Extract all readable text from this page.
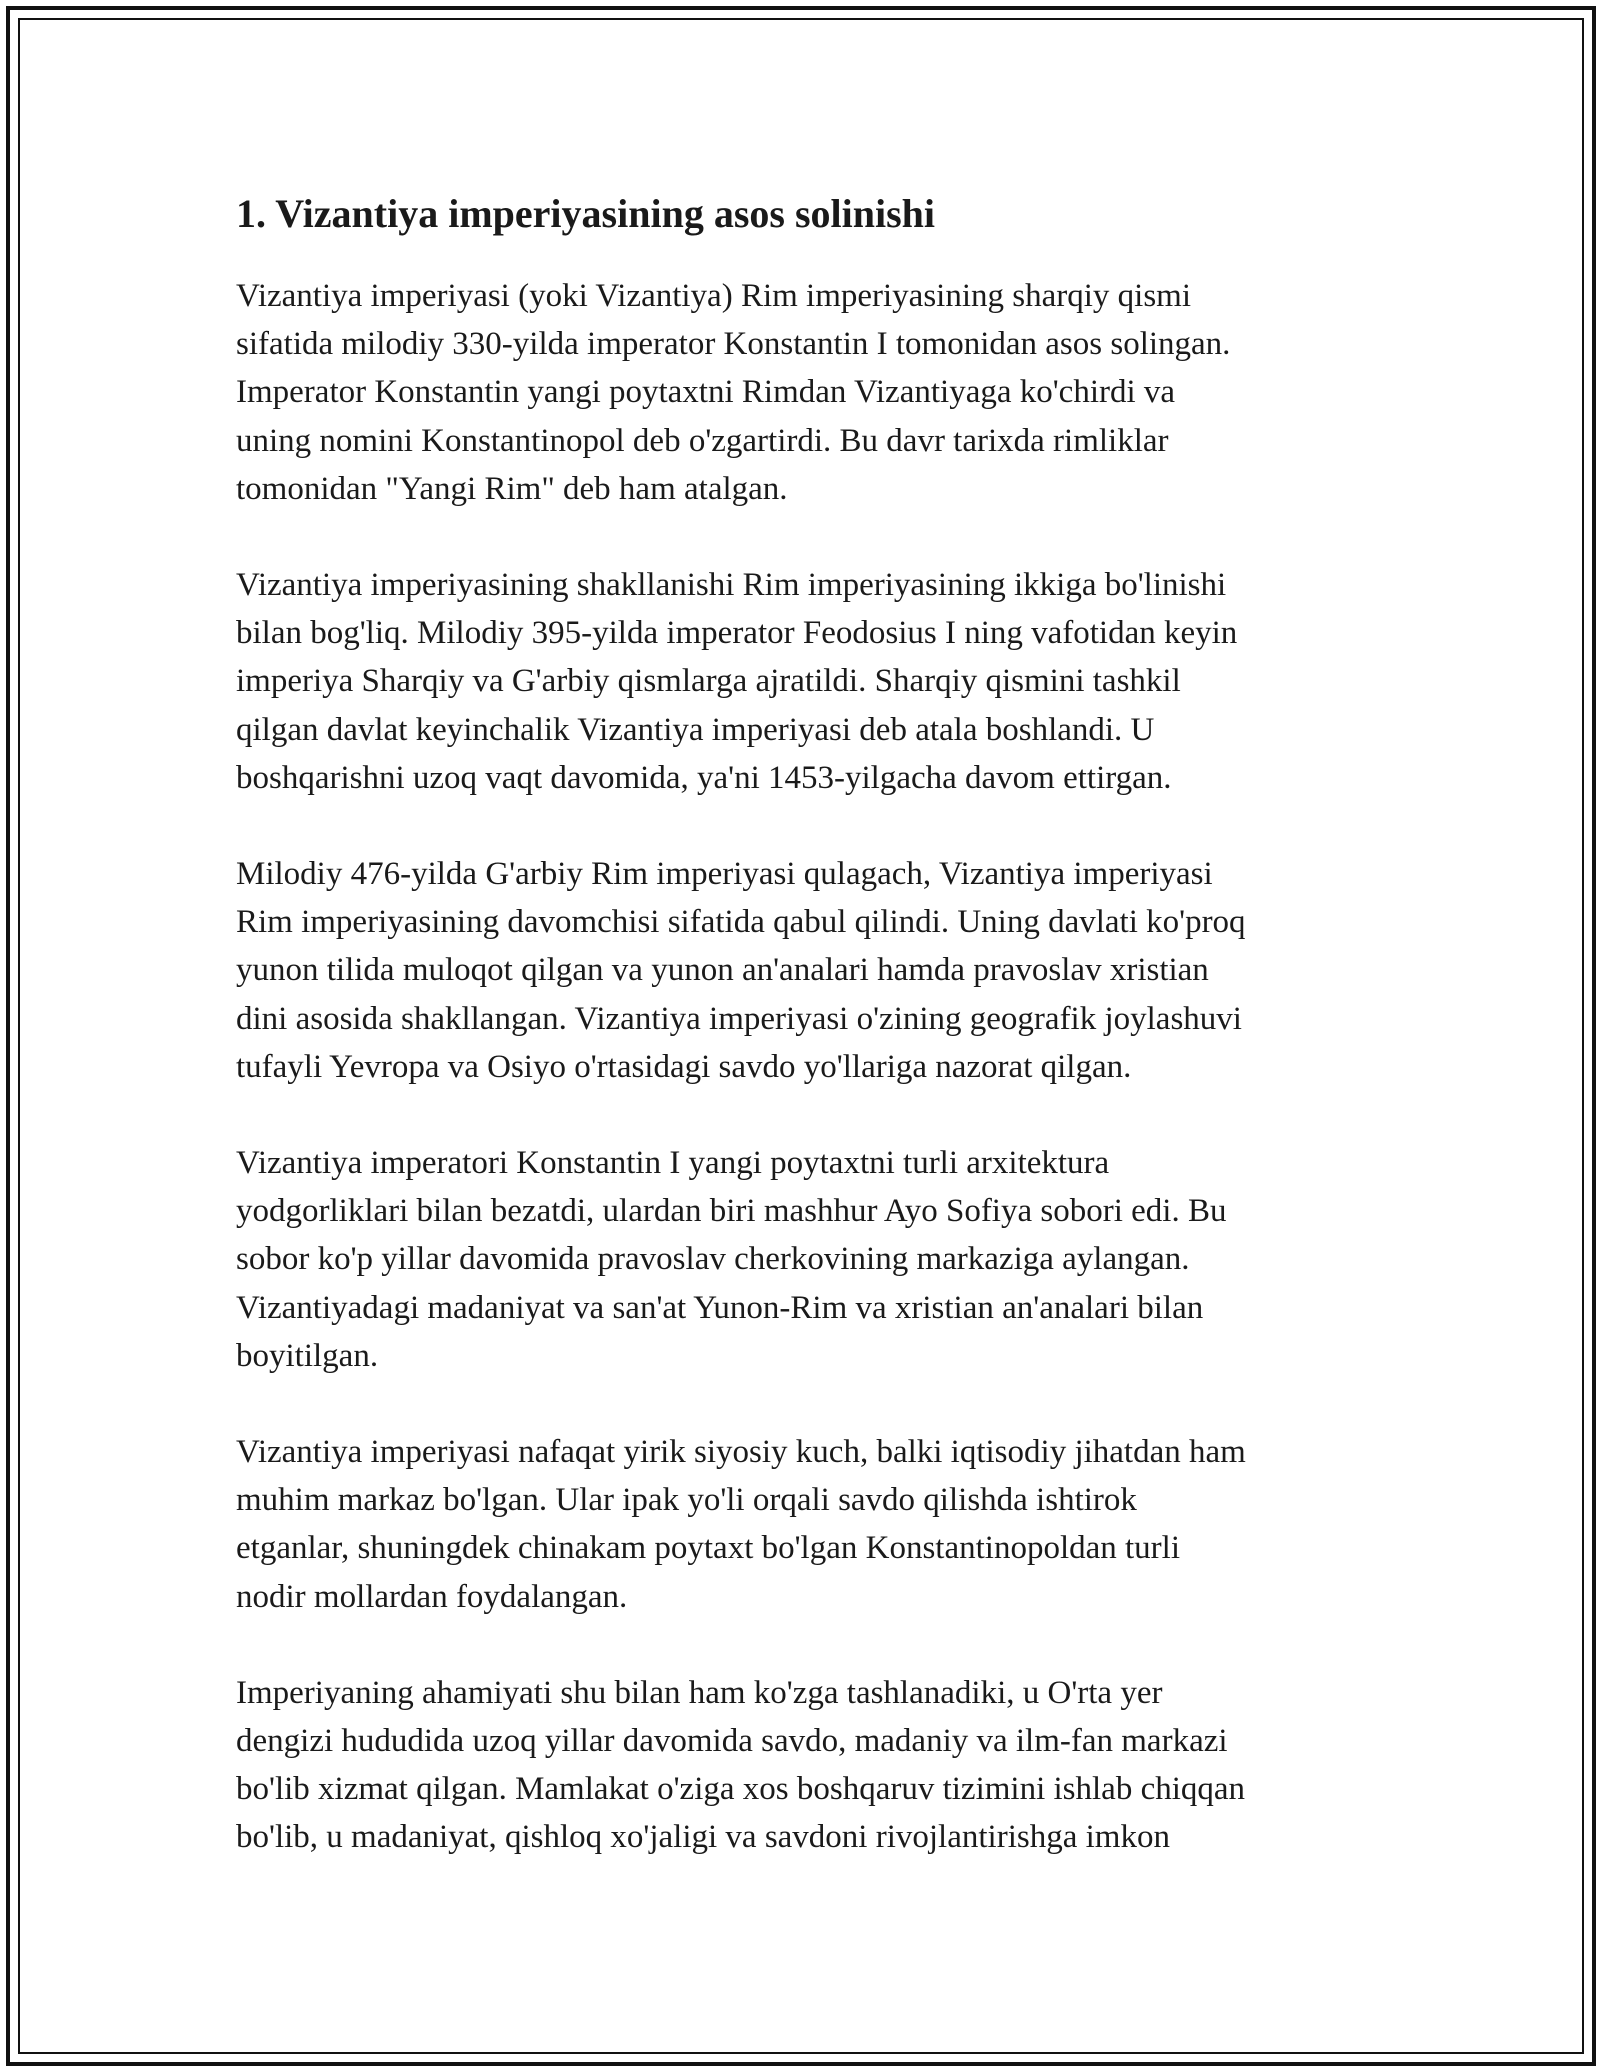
1. Vizantiya imperiyasining asos solinishi

Vizantiya imperiyasi (yoki Vizantiya) Rim imperiyasining sharqiy qismi
sifatida milodiy 330-yilda imperator Konstantin I tomonidan asos solingan.
Imperator Konstantin yangi poytaxtni Rimdan Vizantiyaga ko'chirdi va
uning nomini Konstantinopol deb o'zgartirdi. Bu davr tarixda rimliklar
tomonidan "Yangi Rim" deb ham atalgan.

Vizantiya imperiyasining shakllanishi Rim imperiyasining ikkiga bo'linishi
bilan bog'liq. Milodiy 395-yilda imperator Feodosius I ning vafotidan keyin
imperiya Sharqiy va G'arbiy qismlarga ajratildi. Sharqiy qismini tashkil
qilgan davlat keyinchalik Vizantiya imperiyasi deb atala boshlandi. U
boshqarishni uzoq vaqt davomida, ya'ni 1453-yilgacha davom ettirgan.

Milodiy 476-yilda G'arbiy Rim imperiyasi qulagach, Vizantiya imperiyasi
Rim imperiyasining davomchisi sifatida qabul qilindi. Uning davlati ko'proq
yunon tilida muloqot qilgan va yunon an'analari hamda pravoslav xristian
dini asosida shakllangan. Vizantiya imperiyasi o'zining geografik joylashuvi
tufayli Yevropa va Osiyo o'rtasidagi savdo yo'llariga nazorat qilgan.

Vizantiya imperatori Konstantin I yangi poytaxtni turli arxitektura
yodgorliklari bilan bezatdi, ulardan biri mashhur Ayo Sofiya sobori edi. Bu
sobor ko'p yillar davomida pravoslav cherkovining markaziga aylangan.
Vizantiyadagi madaniyat va san'at Yunon-Rim va xristian an'analari bilan
boyitilgan.

Vizantiya imperiyasi nafaqat yirik siyosiy kuch, balki iqtisodiy jihatdan ham
muhim markaz bo'lgan. Ular ipak yo'li orqali savdo qilishda ishtirok
etganlar, shuningdek chinakam poytaxt bo'lgan Konstantinopoldan turli
nodir mollardan foydalangan.

Imperiyaning ahamiyati shu bilan ham ko'zga tashlanadiki, u O'rta yer
dengizi hududida uzoq yillar davomida savdo, madaniy va ilm-fan markazi
bo'lib xizmat qilgan. Mamlakat o'ziga xos boshqaruv tizimini ishlab chiqqan
bo'lib, u madaniyat, qishloq xo'jaligi va savdoni rivojlantirishga imkon
